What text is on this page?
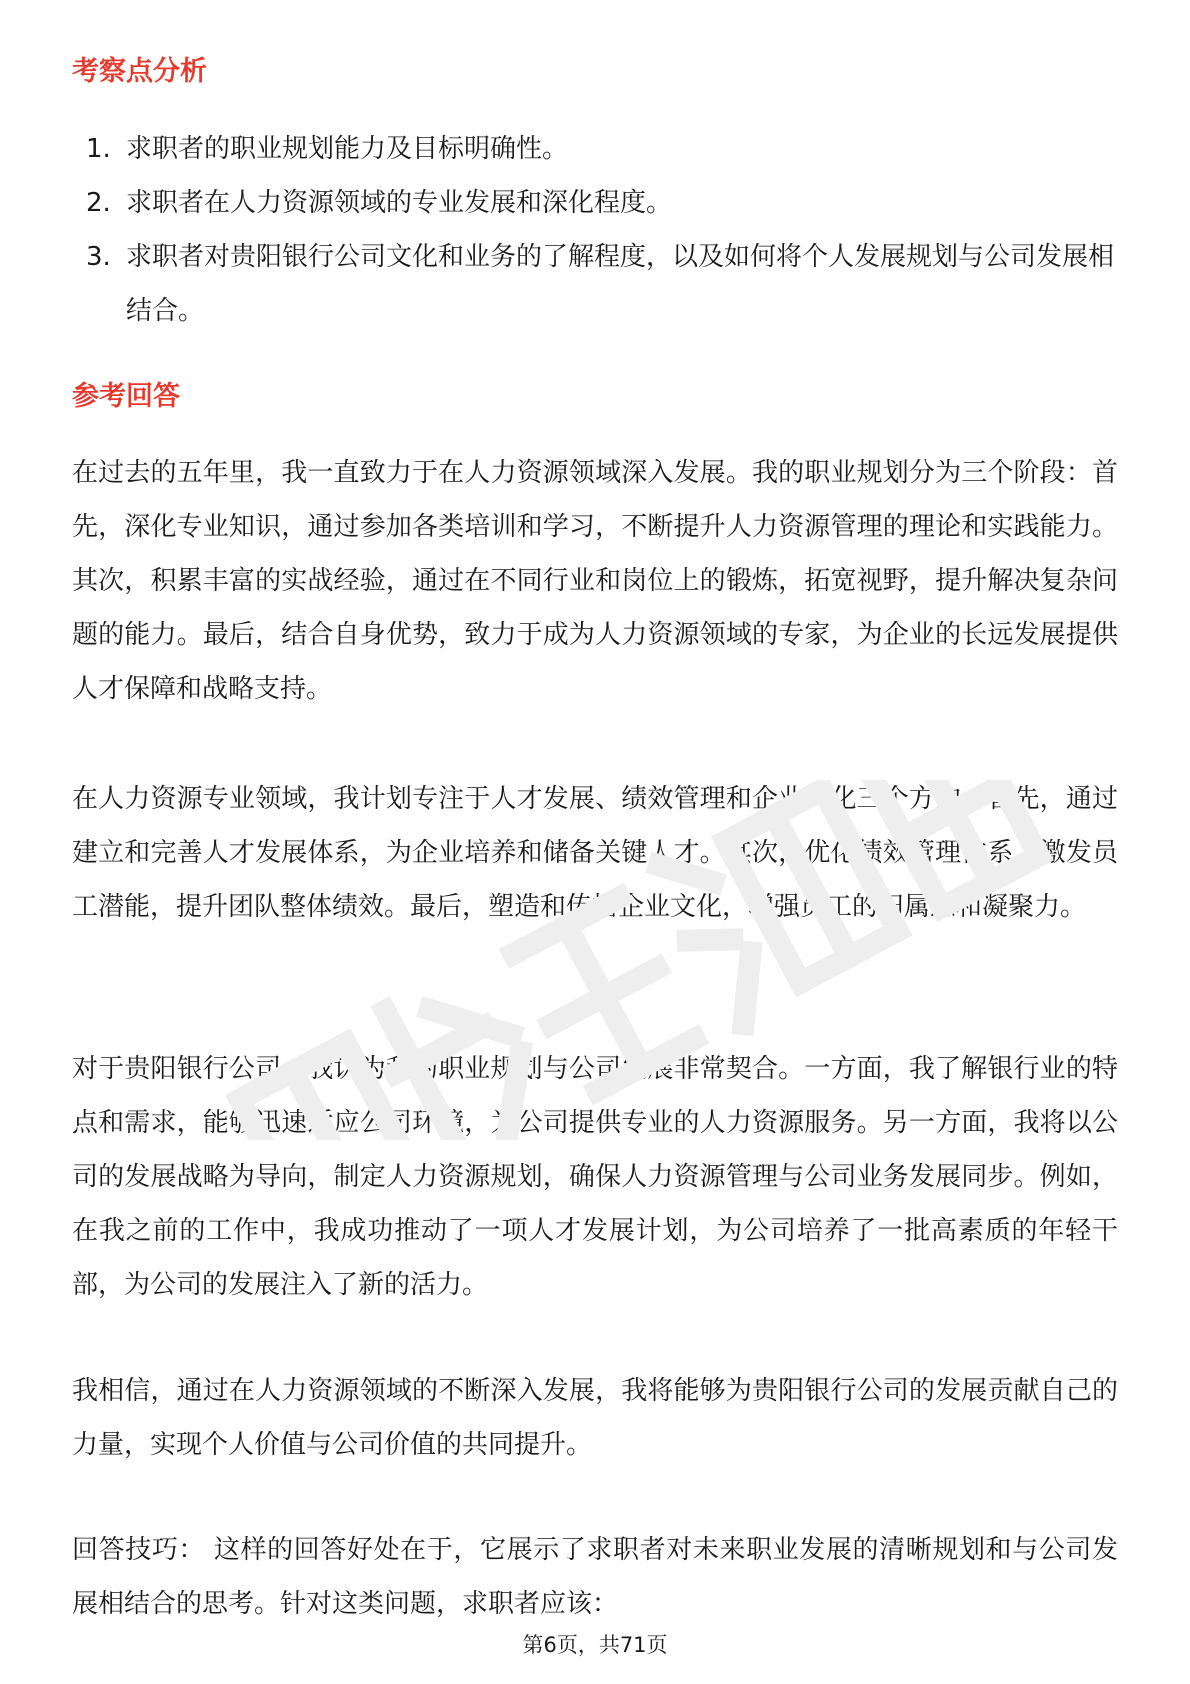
考察点分析
1. 求职者的职业规划能力及目标明确性。
2. 求职者在人力资源领域的专业发展和深化程度。
3. 求职者对贵阳银行公司文化和业务的了解程度，以及如何将个人发展规划与公司发展相结合。
参考回答

在过去的五年里，我一直致力于在人力资源领域深入发展。我的职业规划分为三个阶段：首先，深化专业知识，通过参加各类培训和学习，不断提升人力资源管理的理论和实践能力。其次，积累丰富的实战经验，通过在不同行业和岗位上的锻炼，拓宽视野，提升解决复杂问题的能力。最后，结合自身优势，致力于成为人力资源领域的专家，为企业的长远发展提供人才保障和战略支持。

在人力资源专业领域，我计划专注于人才发展、绩效管理和企业文化三个方向。首先，通过建立和完善人才发展体系，为企业培养和储备关键人才。其次，优化绩效管理体系，激发员工潜能，提升团队整体绩效。最后，塑造和传播企业文化，增强员工的归属感和凝聚力。

对于贵阳银行公司，我认为我的职业规划与公司发展非常契合。一方面，我了解银行业的特点和需求，能够迅速适应公司环境，为公司提供专业的人力资源服务。另一方面，我将以公司的发展战略为导向，制定人力资源规划，确保人力资源管理与公司业务发展同步。例如，在我之前的工作中，我成功推动了一项人才发展计划，为公司培养了一批高素质的年轻干部，为公司的发展注入了新的活力。

我相信，通过在人力资源领域的不断深入发展，我将能够为贵阳银行公司的发展贡献自己的力量，实现个人价值与公司价值的共同提升。

回答技巧： 这样的回答好处在于，它展示了求职者对未来职业发展的清晰规划和与公司发展相结合的思考。针对这类问题，求职者应该：

第6页，共71页
